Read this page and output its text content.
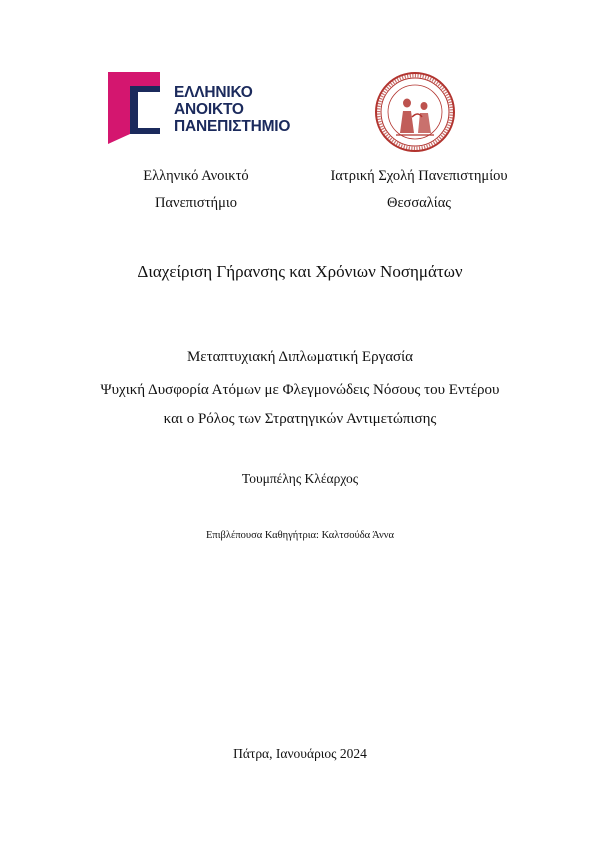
ΕΛΛΗΝΙΚΟ
ΑΝΟΙΚΤΟ
ΠΑΝΕΠΙΣΤΗΜΙΟ
Ελληνικό Ανοικτό
Πανεπιστήμιο
Ιατρική Σχολή Πανεπιστημίου
Θεσσαλίας
Διαχείριση Γήρανσης και Χρόνιων Νοσημάτων
Μεταπτυχιακή Διπλωματική Εργασία
Ψυχική Δυσφορία Ατόμων με Φλεγμονώδεις Νόσους του Εντέρου
και ο Ρόλος των Στρατηγικών Αντιμετώπισης
Τουμπέλης Κλέαρχος
Επιβλέπουσα Καθηγήτρια: Καλτσούδα Άννα
Πάτρα, Ιανουάριος 2024
